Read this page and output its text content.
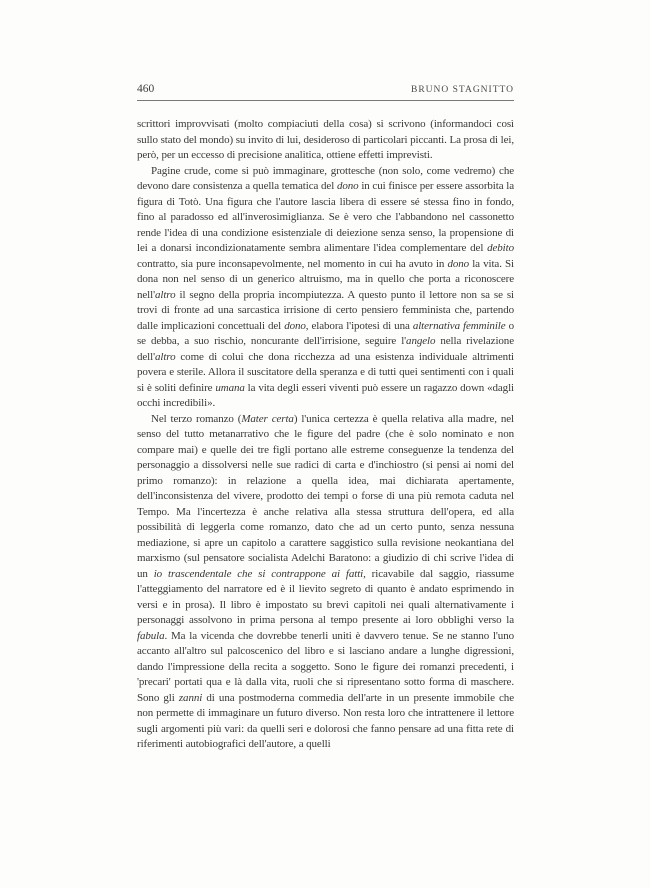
460	BRUNO STAGNITTO

scrittori improvvisati (molto compiaciuti della cosa) si scrivono (informandoci così sullo stato del mondo) su invito di lui, desideroso di particolari piccanti. La prosa di lei, però, per un eccesso di precisione analitica, ottiene effetti imprevisti.

Pagine crude, come si può immaginare, grottesche (non solo, come vedremo) che devono dare consistenza a quella tematica del dono in cui finisce per essere assorbita la figura di Totò. Una figura che l'autore lascia libera di essere sé stessa fino in fondo, fino al paradosso ed all'inverosimiglianza. Se è vero che l'abbandono nel cassonetto rende l'idea di una condizione esistenziale di deiezione senza senso, la propensione di lei a donarsi incondizionatamente sembra alimentare l'idea complementare del debito contratto, sia pure inconsapevolmente, nel momento in cui ha avuto in dono la vita. Si dona non nel senso di un generico altruismo, ma in quello che porta a riconoscere nell'altro il segno della propria incompiutezza. A questo punto il lettore non sa se si trovi di fronte ad una sarcastica irrisione di certo pensiero femminista che, partendo dalle implicazioni concettuali del dono, elabora l'ipotesi di una alternativa femminile o se debba, a suo rischio, noncurante dell'irrisione, seguire l'angelo nella rivelazione dell'altro come di colui che dona ricchezza ad una esistenza individuale altrimenti povera e sterile. Allora il suscitatore della speranza e di tutti quei sentimenti con i quali si è soliti definire umana la vita degli esseri viventi può essere un ragazzo down «dagli occhi incredibili».

Nel terzo romanzo (Mater certa) l'unica certezza è quella relativa alla madre, nel senso del tutto metanarrativo che le figure del padre (che è solo nominato e non compare mai) e quelle dei tre figli portano alle estreme conseguenze la tendenza del personaggio a dissolversi nelle sue radici di carta e d'inchiostro (si pensi ai nomi del primo romanzo): in relazione a quella idea, mai dichiarata apertamente, dell'inconsistenza del vivere, prodotto dei tempi o forse di una più remota caduta nel Tempo. Ma l'incertezza è anche relativa alla stessa struttura dell'opera, ed alla possibilità di leggerla come romanzo, dato che ad un certo punto, senza nessuna mediazione, si apre un capitolo a carattere saggistico sulla revisione neokantiana del marxismo (sul pensatore socialista Adelchi Baratono: a giudizio di chi scrive l'idea di un io trascendentale che si contrappone ai fatti, ricavabile dal saggio, riassume l'atteggiamento del narratore ed è il lievito segreto di quanto è andato esprimendo in versi e in prosa). Il libro è impostato su brevi capitoli nei quali alternativamente i personaggi assolvono in prima persona al tempo presente ai loro obblighi verso la fabula. Ma la vicenda che dovrebbe tenerli uniti è davvero tenue. Se ne stanno l'uno accanto all'altro sul palcoscenico del libro e si lasciano andare a lunghe digressioni, dando l'impressione della recita a soggetto. Sono le figure dei romanzi precedenti, i 'precari' portati qua e là dalla vita, ruoli che si ripresentano sotto forma di maschere. Sono gli zanni di una postmoderna commedia dell'arte in un presente immobile che non permette di immaginare un futuro diverso. Non resta loro che intrattenere il lettore sugli argomenti più vari: da quelli seri e dolorosi che fanno pensare ad una fitta rete di riferimenti autobiografici dell'autore, a quelli
